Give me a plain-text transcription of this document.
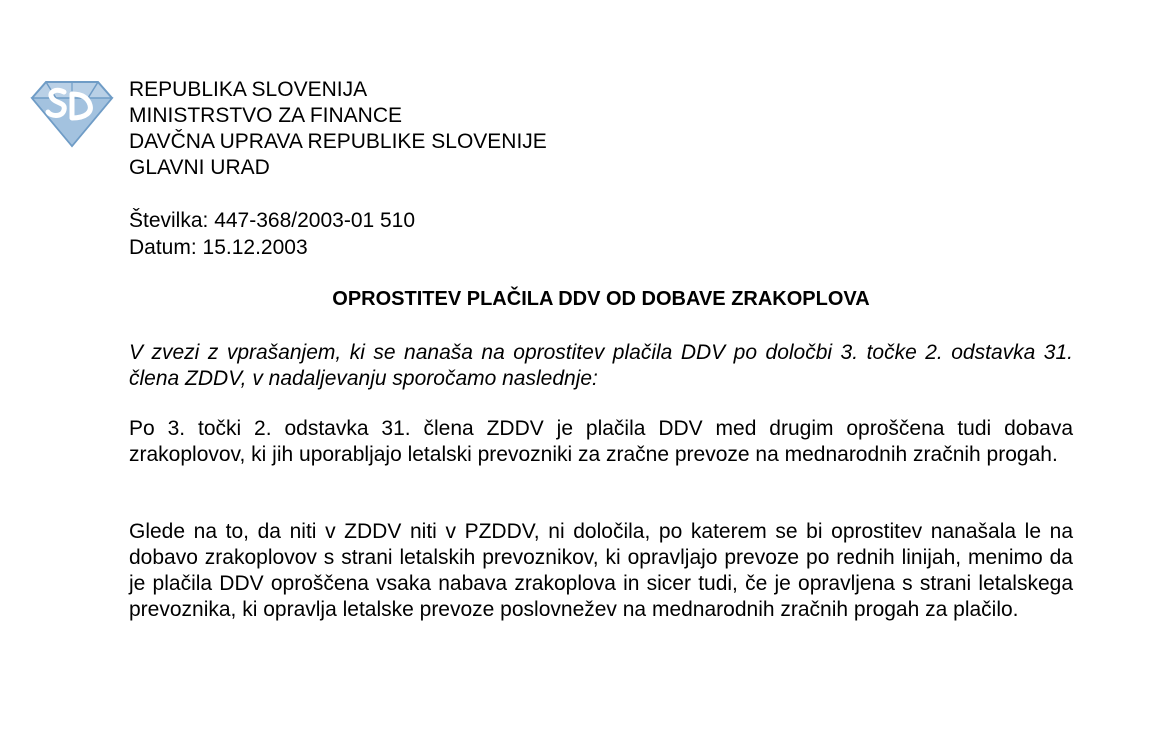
REPUBLIKA SLOVENIJA
MINISTRSTVO ZA FINANCE
DAVČNA UPRAVA REPUBLIKE SLOVENIJE
GLAVNI URAD
Številka: 447-368/2003-01 510
Datum: 15.12.2003
OPROSTITEV PLAČILA DDV OD DOBAVE ZRAKOPLOVA

V zvezi z vprašanjem, ki se nanaša na oprostitev plačila DDV po določbi 3. točke 2. odstavka 31. člena ZDDV, v nadaljevanju sporočamo naslednje:

Po 3. točki 2. odstavka 31. člena ZDDV je plačila DDV med drugim oproščena tudi dobava zrakoplovov, ki jih uporabljajo letalski prevozniki za zračne prevoze na mednarodnih zračnih progah.

Glede na to, da niti v ZDDV niti v PZDDV, ni določila, po katerem se bi oprostitev nanašala le na dobavo zrakoplovov s strani letalskih prevoznikov, ki opravljajo prevoze po rednih linijah, menimo da je plačila DDV oproščena vsaka nabava zrakoplova in sicer tudi, če je opravljena s strani letalskega prevoznika, ki opravlja letalske prevoze poslovnežev na mednarodnih zračnih progah za plačilo.
